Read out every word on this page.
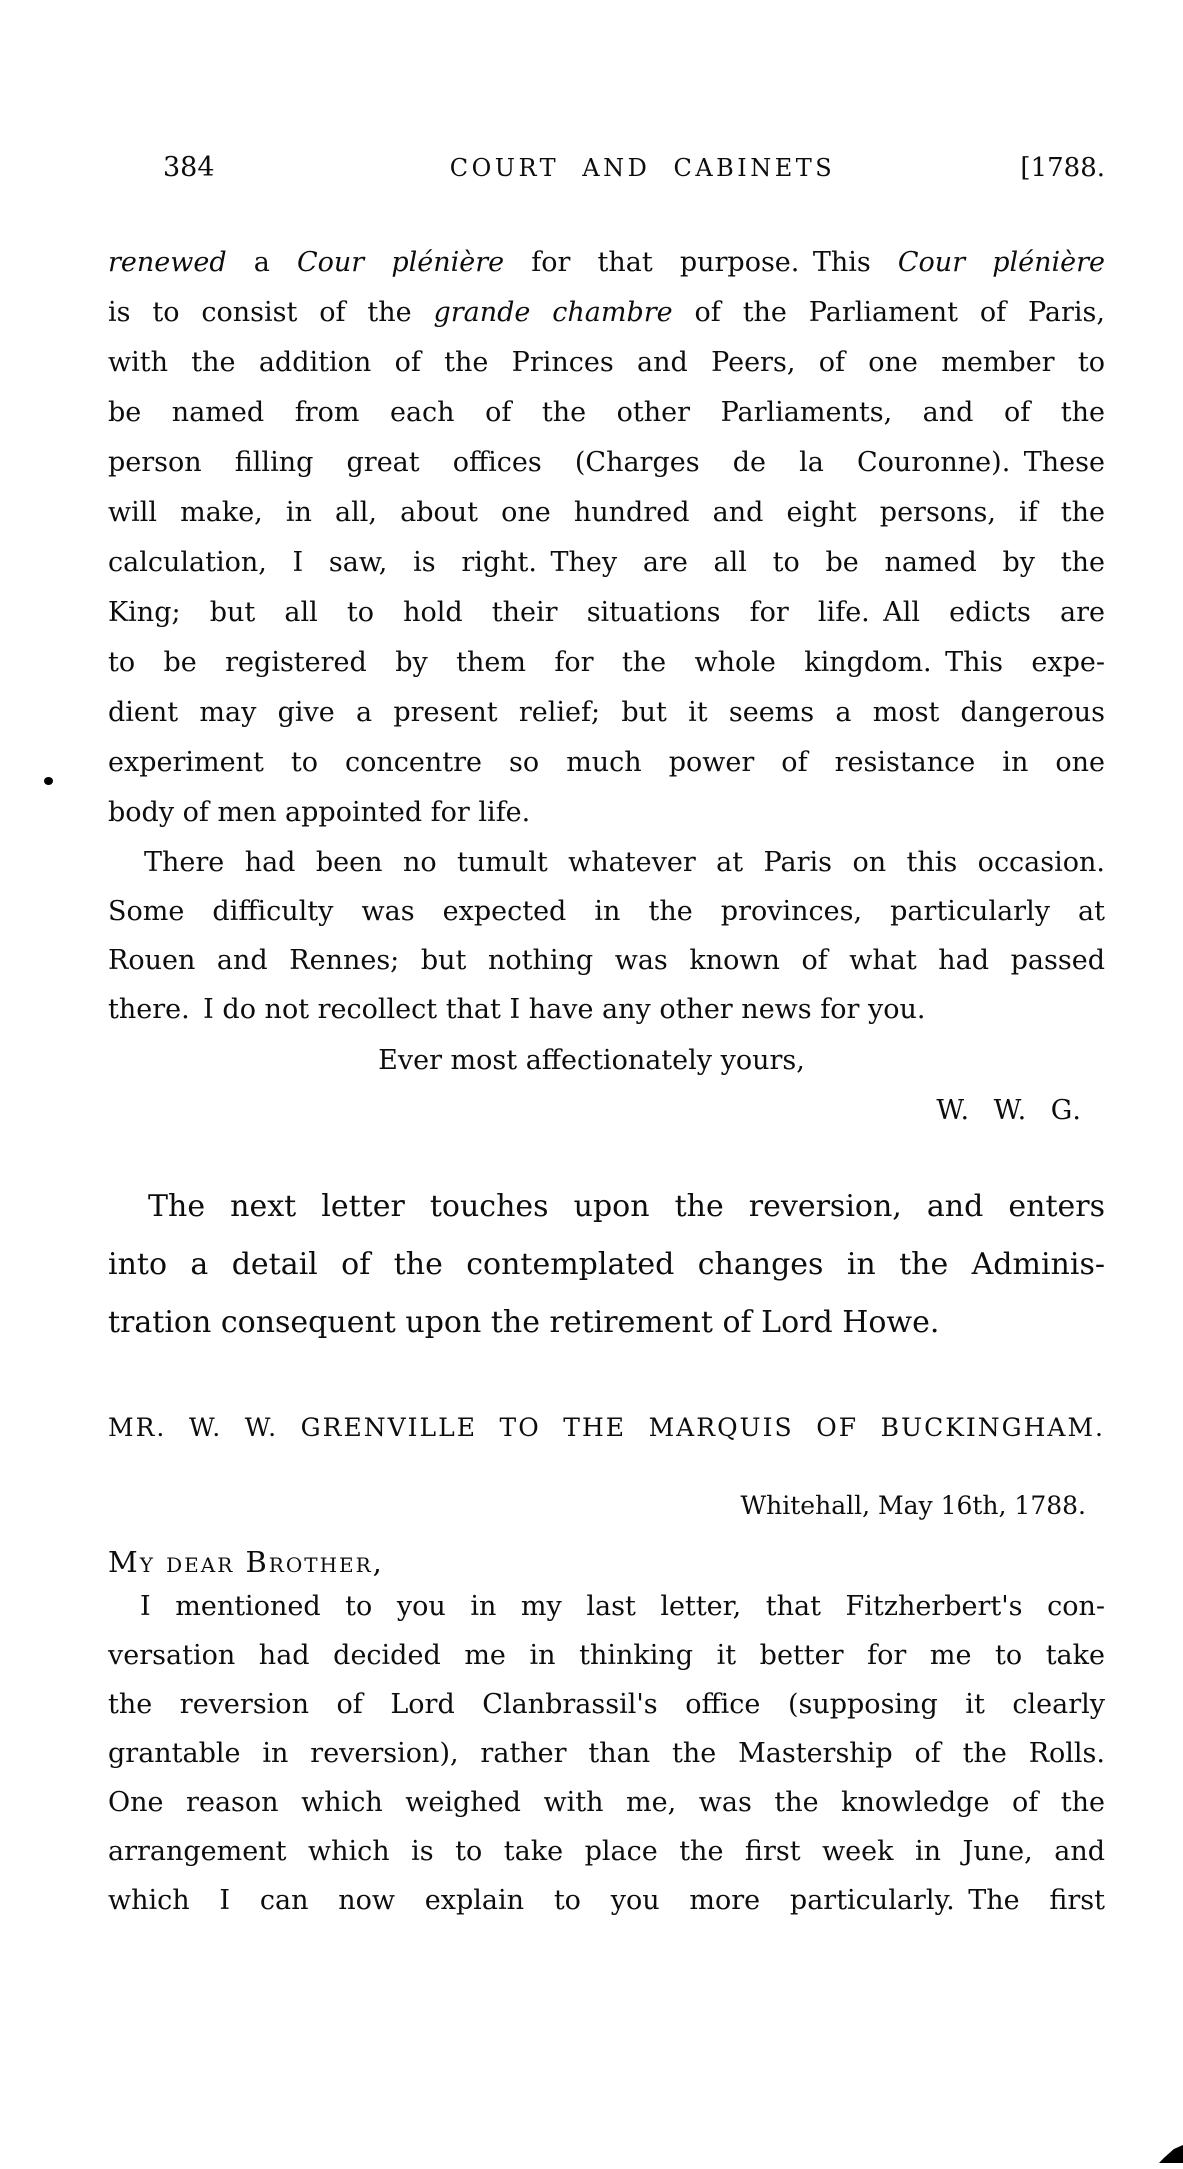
384	COURT AND CABINETS	[1788.
renewed a Cour plénière for that purpose. This Cour plénière
is to consist of the grande chambre of the Parliament of Paris,
with the addition of the Princes and Peers, of one member to
be named from each of the other Parliaments, and of the
person filling great offices (Charges de la Couronne). These
will make, in all, about one hundred and eight persons, if the
calculation, I saw, is right. They are all to be named by the
King; but all to hold their situations for life. All edicts are
to be registered by them for the whole kingdom. This expe-
dient may give a present relief; but it seems a most dangerous
experiment to concentre so much power of resistance in one
body of men appointed for life.
There had been no tumult whatever at Paris on this occasion.
Some difficulty was expected in the provinces, particularly at
Rouen and Rennes; but nothing was known of what had passed
there. I do not recollect that I have any other news for you.
Ever most affectionately yours,
W. W. G.
The next letter touches upon the reversion, and enters
into a detail of the contemplated changes in the Adminis-
tration consequent upon the retirement of Lord Howe.
MR. W. W. GRENVILLE TO THE MARQUIS OF BUCKINGHAM.
Whitehall, May 16th, 1788.
My dear Brother,
I mentioned to you in my last letter, that Fitzherbert's con-
versation had decided me in thinking it better for me to take
the reversion of Lord Clanbrassil's office (supposing it clearly
grantable in reversion), rather than the Mastership of the Rolls.
One reason which weighed with me, was the knowledge of the
arrangement which is to take place the first week in June, and
which I can now explain to you more particularly. The first
